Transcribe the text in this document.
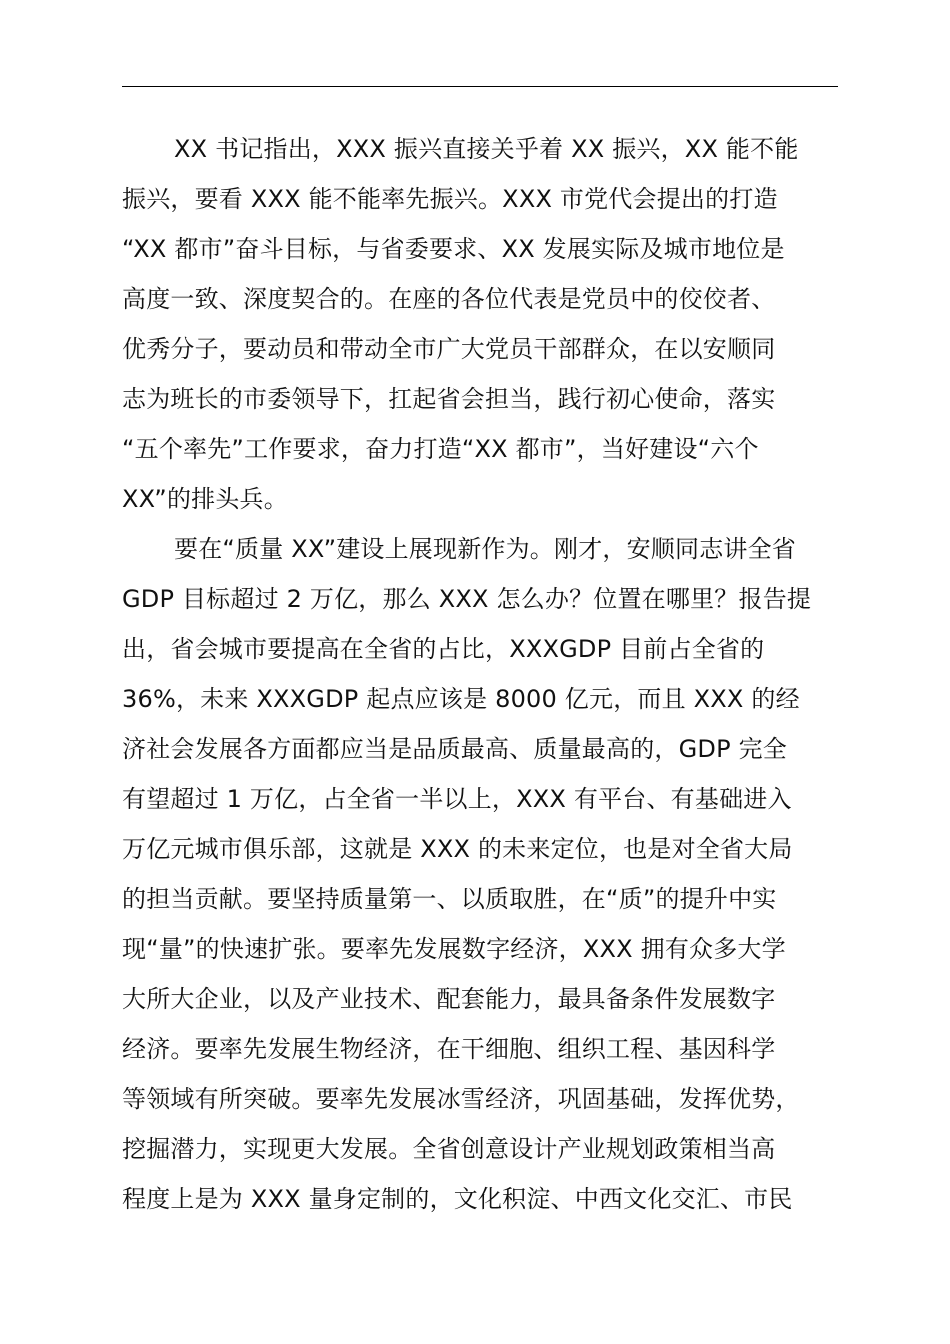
XX 书记指出，XXX 振兴直接关乎着 XX 振兴，XX 能不能
振兴，要看 XXX 能不能率先振兴。XXX 市党代会提出的打造
“XX 都市”奋斗目标，与省委要求、XX 发展实际及城市地位是
高度一致、深度契合的。在座的各位代表是党员中的佼佼者、
优秀分子，要动员和带动全市广大党员干部群众，在以安顺同
志为班长的市委领导下，扛起省会担当，践行初心使命，落实
“五个率先”工作要求，奋力打造“XX 都市”，当好建设“六个
XX”的排头兵。
要在“质量 XX”建设上展现新作为。刚才，安顺同志讲全省
GDP 目标超过 2 万亿，那么 XXX 怎么办？位置在哪里？报告提
出，省会城市要提高在全省的占比，XXXGDP 目前占全省的
36%，未来 XXXGDP 起点应该是 8000 亿元，而且 XXX 的经
济社会发展各方面都应当是品质最高、质量最高的，GDP 完全
有望超过 1 万亿，占全省一半以上，XXX 有平台、有基础进入
万亿元城市俱乐部，这就是 XXX 的未来定位，也是对全省大局
的担当贡献。要坚持质量第一、以质取胜，在“质”的提升中实
现“量”的快速扩张。要率先发展数字经济，XXX 拥有众多大学
大所大企业，以及产业技术、配套能力，最具备条件发展数字
经济。要率先发展生物经济，在干细胞、组织工程、基因科学
等领域有所突破。要率先发展冰雪经济，巩固基础，发挥优势，
挖掘潜力，实现更大发展。全省创意设计产业规划政策相当高
程度上是为 XXX 量身定制的，文化积淀、中西文化交汇、市民
